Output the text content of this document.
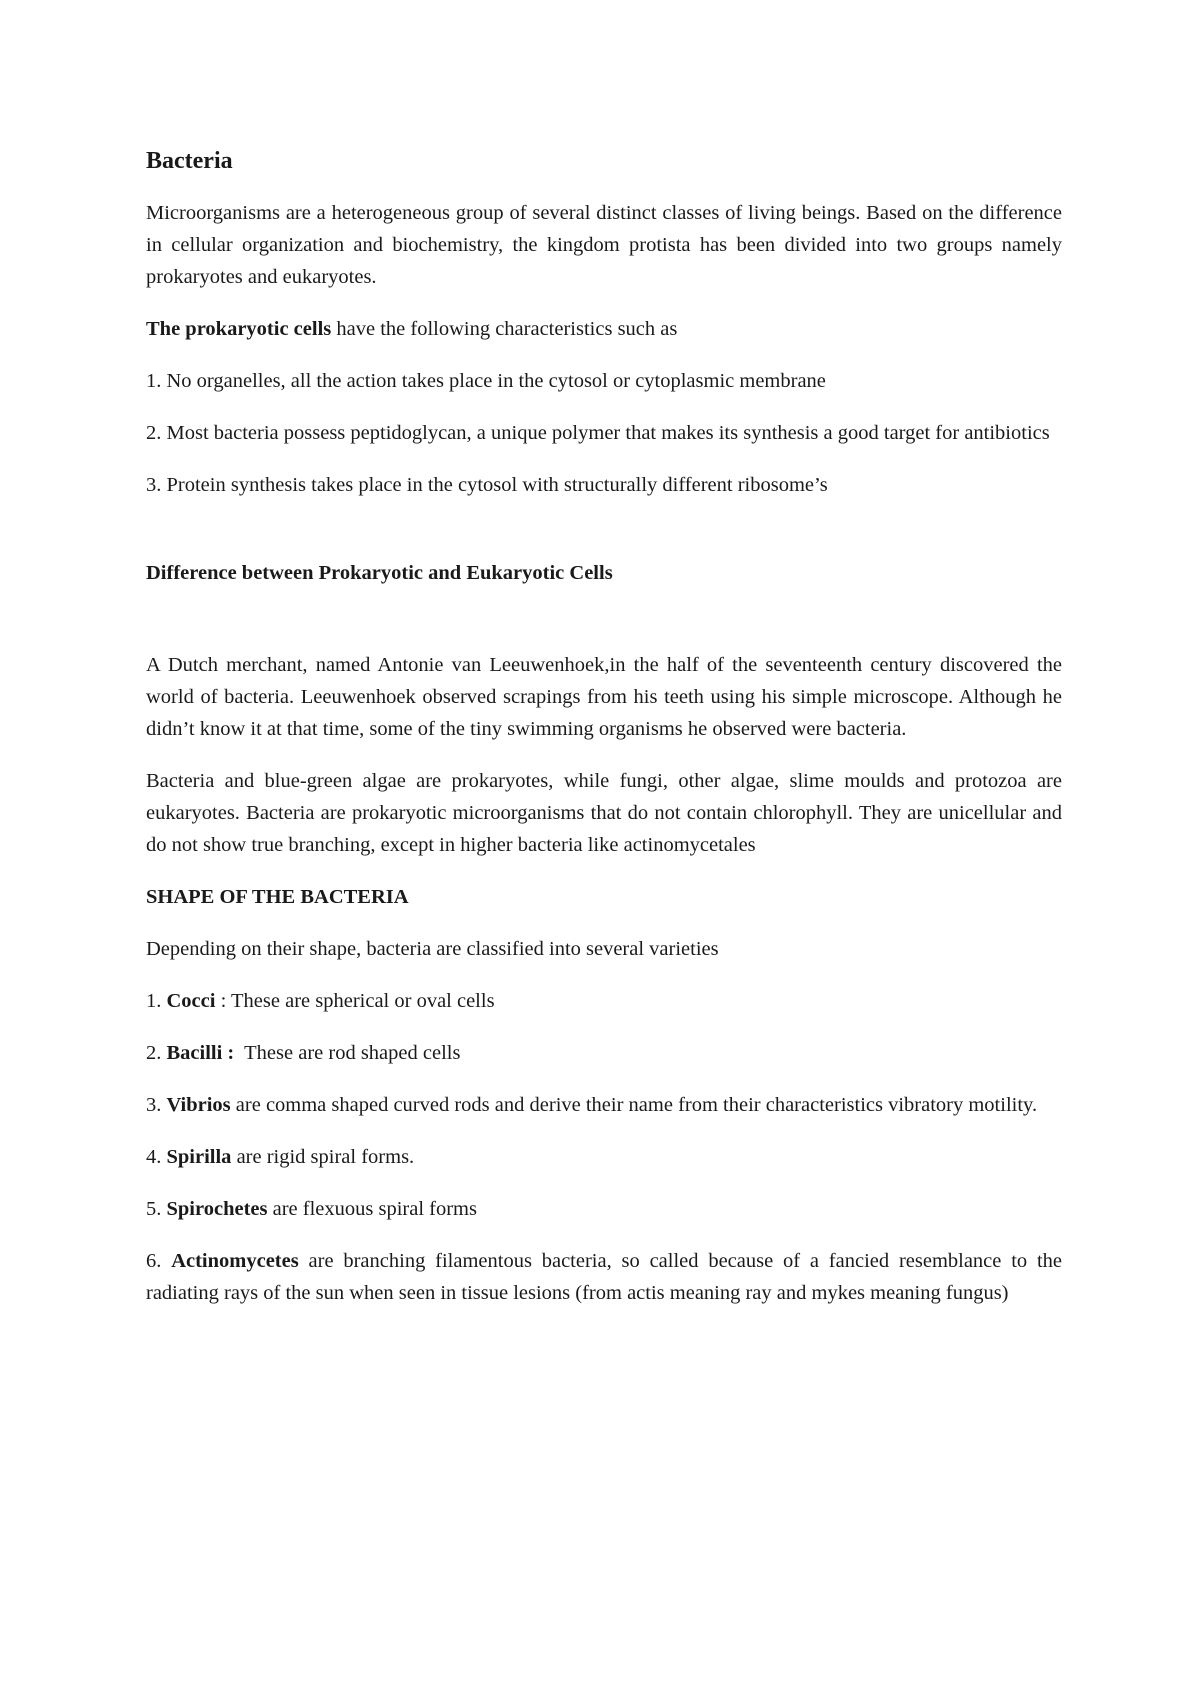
Bacteria

Microorganisms are a heterogeneous group of several distinct classes of living beings. Based on the difference in cellular organization and biochemistry, the kingdom protista has been divided into two groups namely prokaryotes and eukaryotes.

The prokaryotic cells have the following characteristics such as

1. No organelles, all the action takes place in the cytosol or cytoplasmic membrane

2. Most bacteria possess peptidoglycan, a unique polymer that makes its synthesis a good target for antibiotics

3. Protein synthesis takes place in the cytosol with structurally different ribosome’s

Difference between Prokaryotic and Eukaryotic Cells

A Dutch merchant, named Antonie van Leeuwenhoek,in the half of the seventeenth century discovered the world of bacteria. Leeuwenhoek observed scrapings from his teeth using his simple microscope. Although he didn’t know it at that time, some of the tiny swimming organisms he observed were bacteria.

Bacteria and blue-green algae are prokaryotes, while fungi, other algae, slime moulds and protozoa are eukaryotes. Bacteria are prokaryotic microorganisms that do not contain chlorophyll. They are unicellular and do not show true branching, except in higher bacteria like actinomycetales

SHAPE OF THE BACTERIA

Depending on their shape, bacteria are classified into several varieties

1. Cocci : These are spherical or oval cells

2. Bacilli :  These are rod shaped cells

3. Vibrios are comma shaped curved rods and derive their name from their characteristics vibratory motility.

4. Spirilla are rigid spiral forms.

5. Spirochetes are flexuous spiral forms

6. Actinomycetes are branching filamentous bacteria, so called because of a fancied resemblance to the radiating rays of the sun when seen in tissue lesions (from actis meaning ray and mykes meaning fungus)
